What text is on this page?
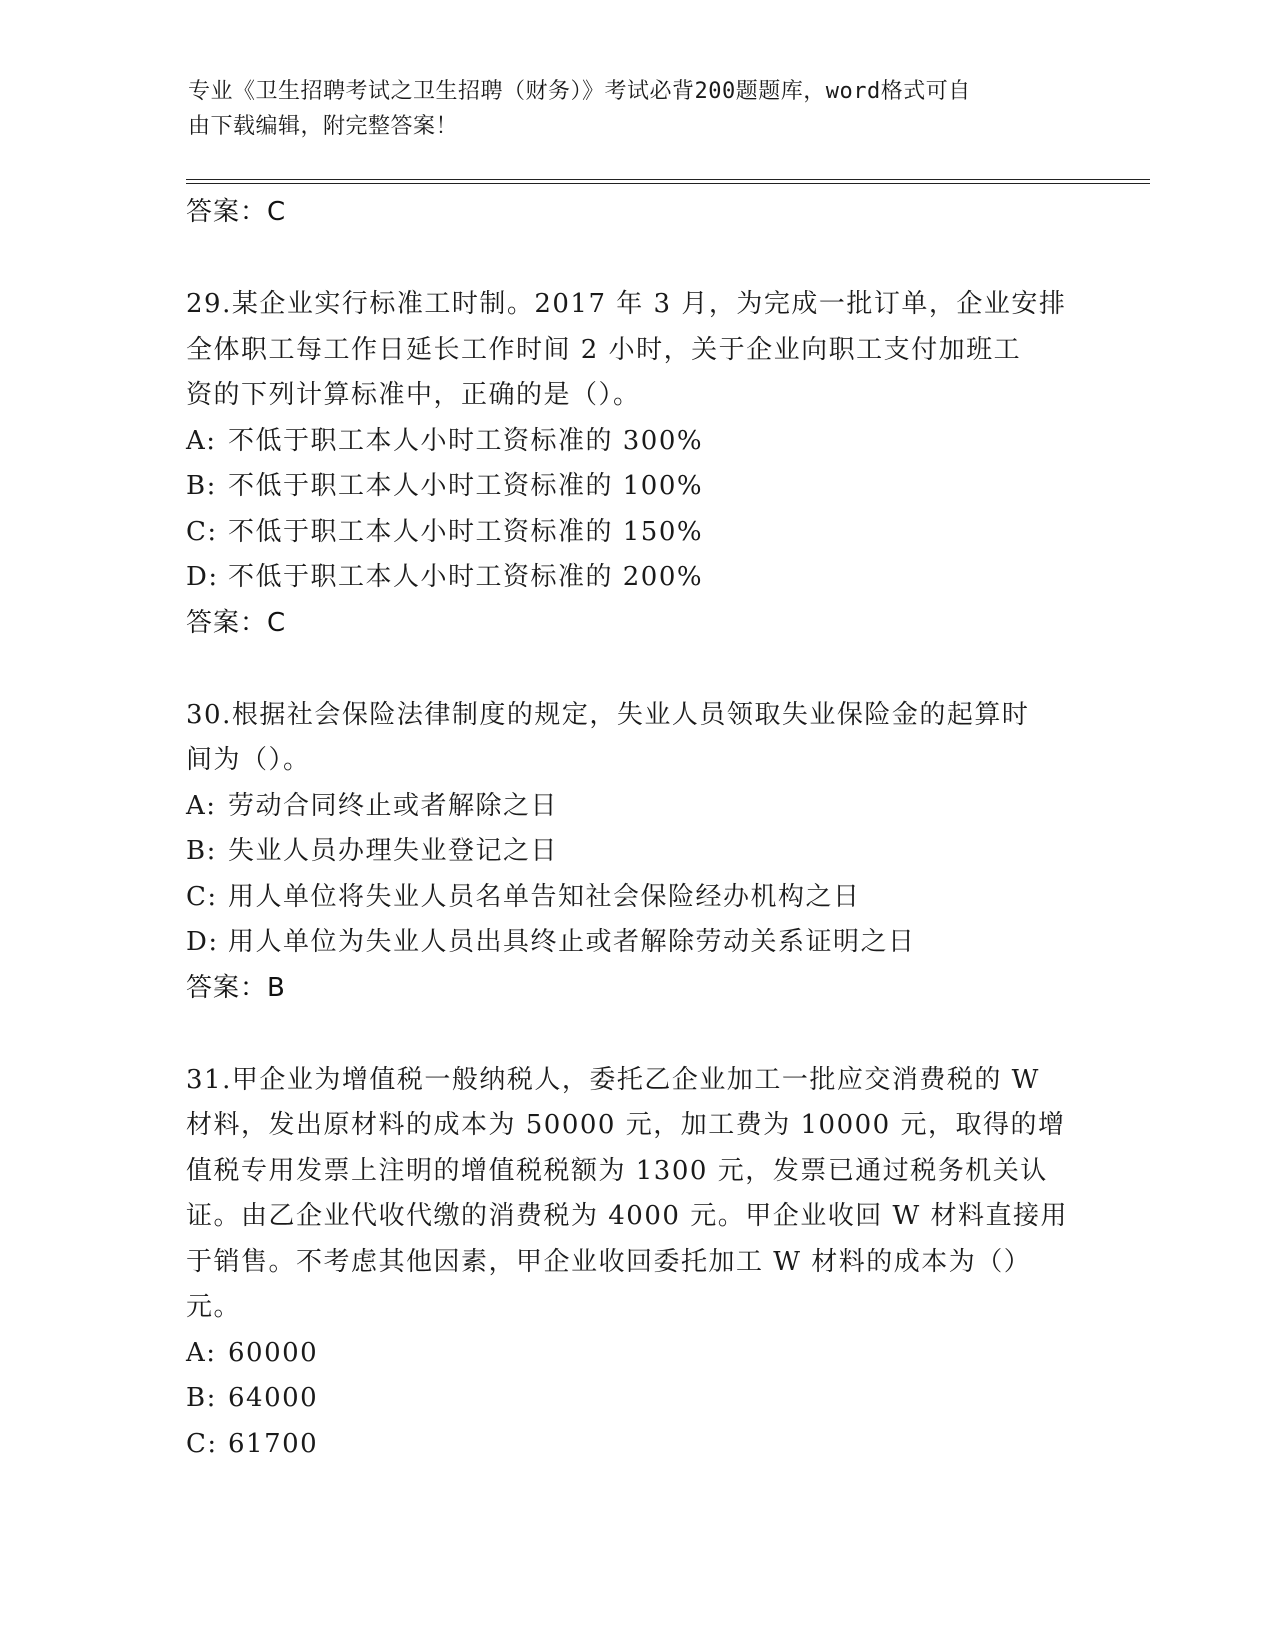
专业《卫生招聘考试之卫生招聘（财务）》考试必背200题题库，word格式可自
由下载编辑，附完整答案！
答案：C
29.某企业实行标准工时制。2017 年 3 月，为完成一批订单，企业安排
全体职工每工作日延长工作时间 2 小时，关于企业向职工支付加班工
资的下列计算标准中，正确的是（）。
A: 不低于职工本人小时工资标准的 300%
B: 不低于职工本人小时工资标准的 100%
C: 不低于职工本人小时工资标准的 150%
D: 不低于职工本人小时工资标准的 200%
答案：C
30.根据社会保险法律制度的规定，失业人员领取失业保险金的起算时
间为（）。
A: 劳动合同终止或者解除之日
B: 失业人员办理失业登记之日
C: 用人单位将失业人员名单告知社会保险经办机构之日
D: 用人单位为失业人员出具终止或者解除劳动关系证明之日
答案：B
31.甲企业为增值税一般纳税人，委托乙企业加工一批应交消费税的 W
材料，发出原材料的成本为 50000 元，加工费为 10000 元，取得的增
值税专用发票上注明的增值税税额为 1300 元，发票已通过税务机关认
证。由乙企业代收代缴的消费税为 4000 元。甲企业收回 W 材料直接用
于销售。不考虑其他因素，甲企业收回委托加工 W 材料的成本为（）
元。
A: 60000
B: 64000
C: 61700
